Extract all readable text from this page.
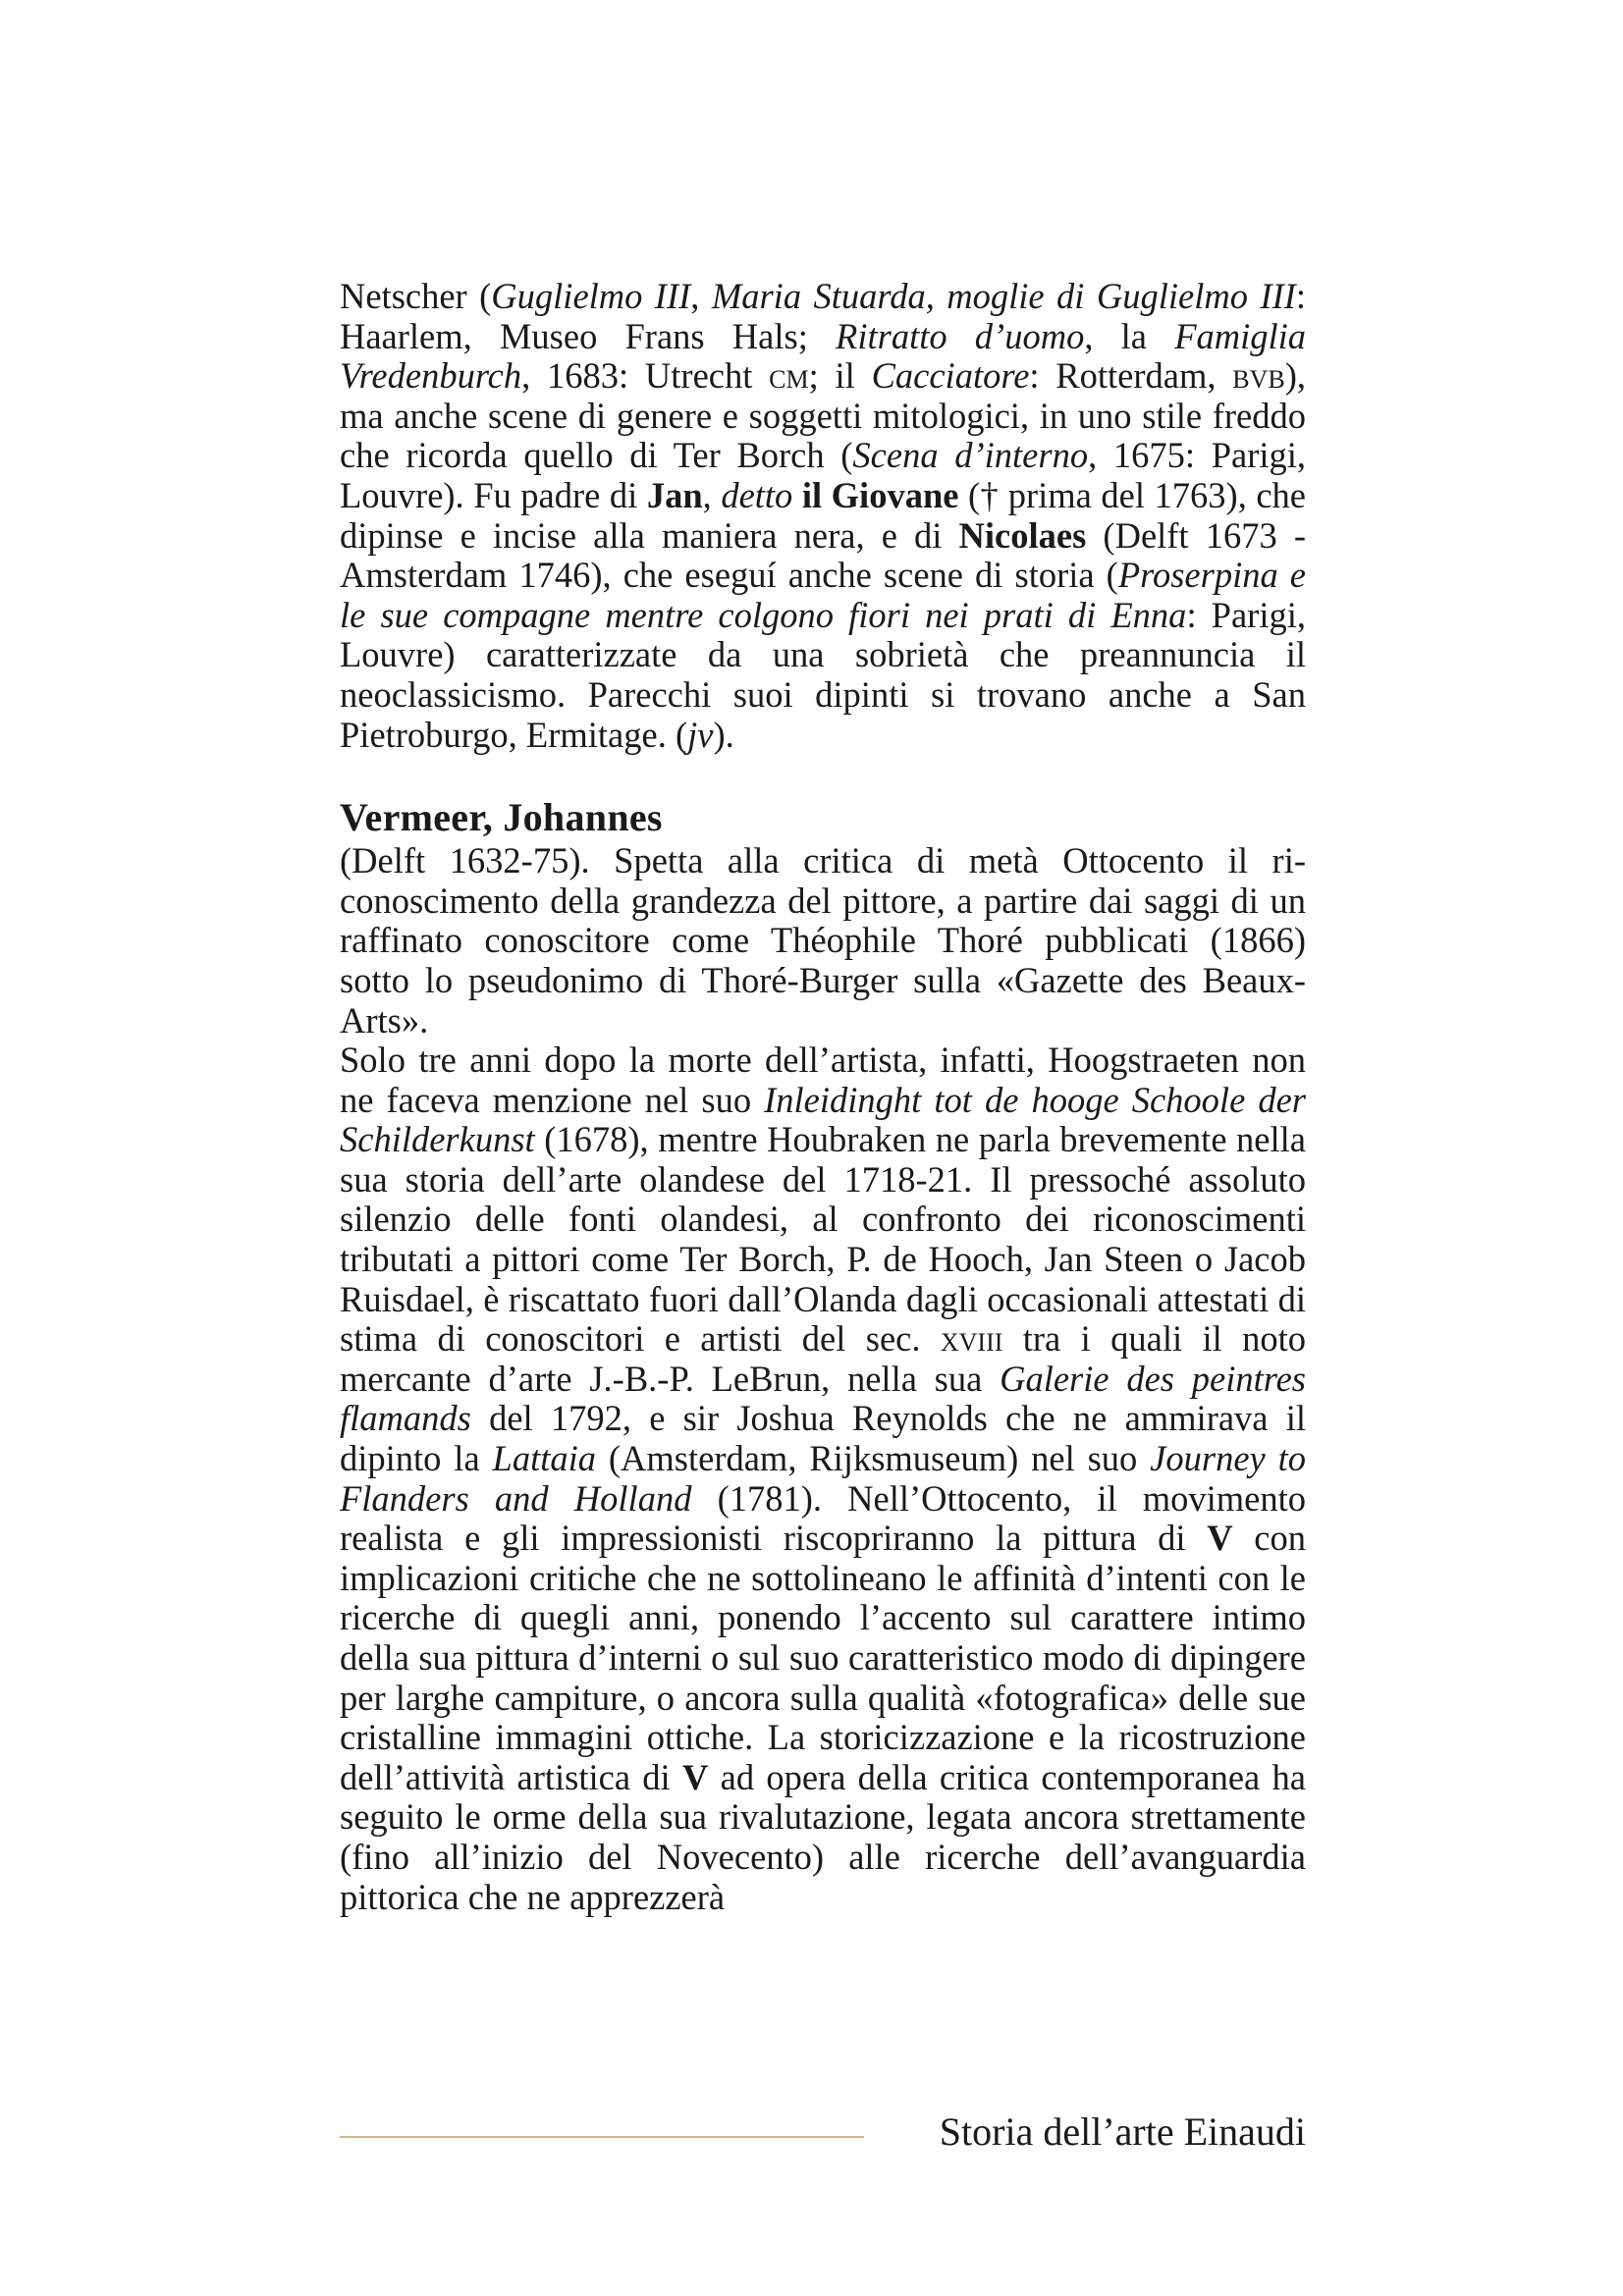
Netscher (Guglielmo III, Maria Stuarda, moglie di Guglielmo III: Haarlem, Museo Frans Hals; Ritratto d’uomo, la Famiglia Vredenburch, 1683: Utrecht cm; il Cacciatore: Rotterdam, bvb), ma anche scene di genere e soggetti mitologici, in uno stile freddo che ricorda quello di Ter Borch (Scena d’interno, 1675: Parigi, Louvre). Fu padre di Jan, detto il Giovane († prima del 1763), che dipinse e incise alla maniera nera, e di Nicolaes (Delft 1673 - Amsterdam 1746), che eseguí anche scene di storia (Proserpina e le sue compagne mentre colgono fiori nei prati di Enna: Parigi, Louvre) caratterizzate da una sobrietà che preannuncia il neoclassicismo. Parecchi suoi dipinti si trovano anche a San Pietroburgo, Ermitage. (jv).

Vermeer, Johannes

(Delft 1632-75). Spetta alla critica di metà Ottocento il riconoscimento della grandezza del pittore, a partire dai saggi di un raffinato conoscitore come Théophile Thoré pubblicati (1866) sotto lo pseudonimo di Thoré-Burger sulla «Gazette des Beaux-Arts».

Solo tre anni dopo la morte dell’artista, infatti, Hoogstraeten non ne faceva menzione nel suo Inleidinght tot de hooge Schoole der Schilderkunst (1678), mentre Houbraken ne parla brevemente nella sua storia dell’arte olandese del 1718-21. Il pressoché assoluto silenzio delle fonti olandesi, al confronto dei riconoscimenti tributati a pittori come Ter Borch, P. de Hooch, Jan Steen o Jacob Ruisdael, è riscattato fuori dall’Olanda dagli occasionali attestati di stima di conoscitori e artisti del sec. xviii tra i quali il noto mercante d’arte J.-B.-P. LeBrun, nella sua Galerie des peintres flamands del 1792, e sir Joshua Reynolds che ne ammirava il dipinto la Lattaia (Amsterdam, Rijksmuseum) nel suo Journey to Flanders and Holland (1781). Nell’Ottocento, il movimento realista e gli impressionisti riscopriranno la pittura di V con implicazioni critiche che ne sottolineano le affinità d’intenti con le ricerche di quegli anni, ponendo l’accento sul carattere intimo della sua pittura d’interni o sul suo caratteristico modo di dipingere per larghe campiture, o ancora sulla qualità «fotografica» delle sue cristalline immagini ottiche. La storicizzazione e la ricostruzione dell’attività artistica di V ad opera della critica contemporanea ha seguito le orme della sua rivalutazione, legata ancora strettamente (fino all’inizio del Novecento) alle ricerche dell’avanguardia pittorica che ne apprezzerà

Storia dell’arte Einaudi
